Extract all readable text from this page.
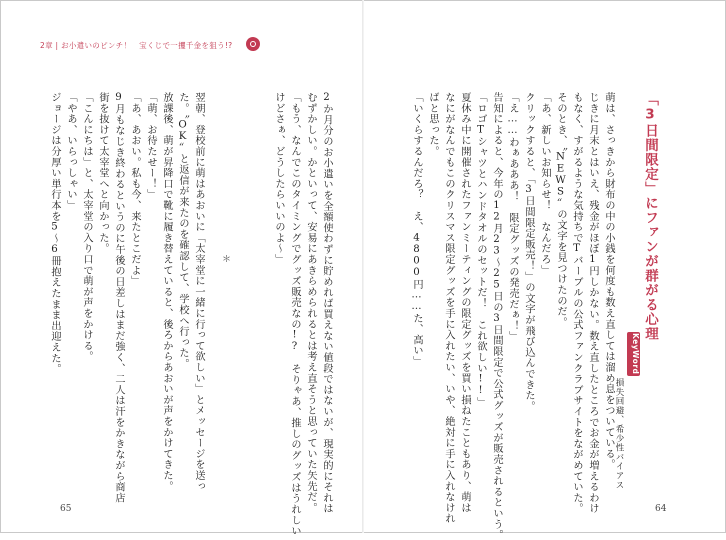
2章 | お小遣いのピンチ！　宝くじで一攫千金を狙う!?
「3日間限定」にファンが群がる心理
KeyWord
損失回避、希少性バイアス
萌は、さっきから財布の中の小銭を何度も数え直しては溜め息をついている。
じきに月末とはいえ、残金がほぼ1円しかない。数え直したところでお金が増えるわけ
もなく、すがるような気持ちでTバーブルの公式ファンクラブサイトをながめていた。
そのとき、〝NEWS〟の文字を見つけたのだ。
「あ、新しいお知らせ！　なんだろ」
クリックすると、「3日間限定販売！」の文字が飛び込んできた。
「え……わぁあああ！　限定グッズの発売だぁ！」
告知によると、今年の12月23〜25日の3日間限定で公式グッズが販売されるという。
「ロゴTシャツとハンドタオルのセットだ！　これ欲しい!!」
夏休み中に開催されたファンミーティングの限定グッズを買い損ねたこともあり、萌は
なにがなんでもこのクリスマス限定グッズを手に入れたい、いや、絶対に手に入れなけれ
ばと思った。
「いくらするんだろ？　え、4800円……た、高い」
64
2か月分のお小遣いを全額使わずに貯めれば買えない値段ではないが、現実的にそれは
むずかしい。かといって、安易にあきらめられるとは考え直そうと思っていた矢先だ。
「もう、なんでこのタイミングでグッズ販売なの!?　そりゃあ、推しのグッズはうれしい
けどさぁ、どうしたらいいのよ〜」
＊
翌朝、登校前に萌はあおいに「太宰堂に一緒に行って欲しい」とメッセージを送っ
た。〝OK〟と返信が来たのを確認して、学校へ行った。
放課後、萌が昇降口で靴に履き替えていると、後ろからあおいが声をかけてきた。
「萌、お待たせー！」
「あ、あおい。私も今、来たとこだよ」
9月もなじき終わるというのに午後の日差しはまだ強く、二人は汗をかきながら商店
街を抜けて太宰堂へと向かった。
「こんにちは」と、太宰堂の入り口で萌が声をかける。
「やあ、いらっしゃい」
ジョージは分厚い単行本を5〜6冊抱えたまま出迎えた。
65
